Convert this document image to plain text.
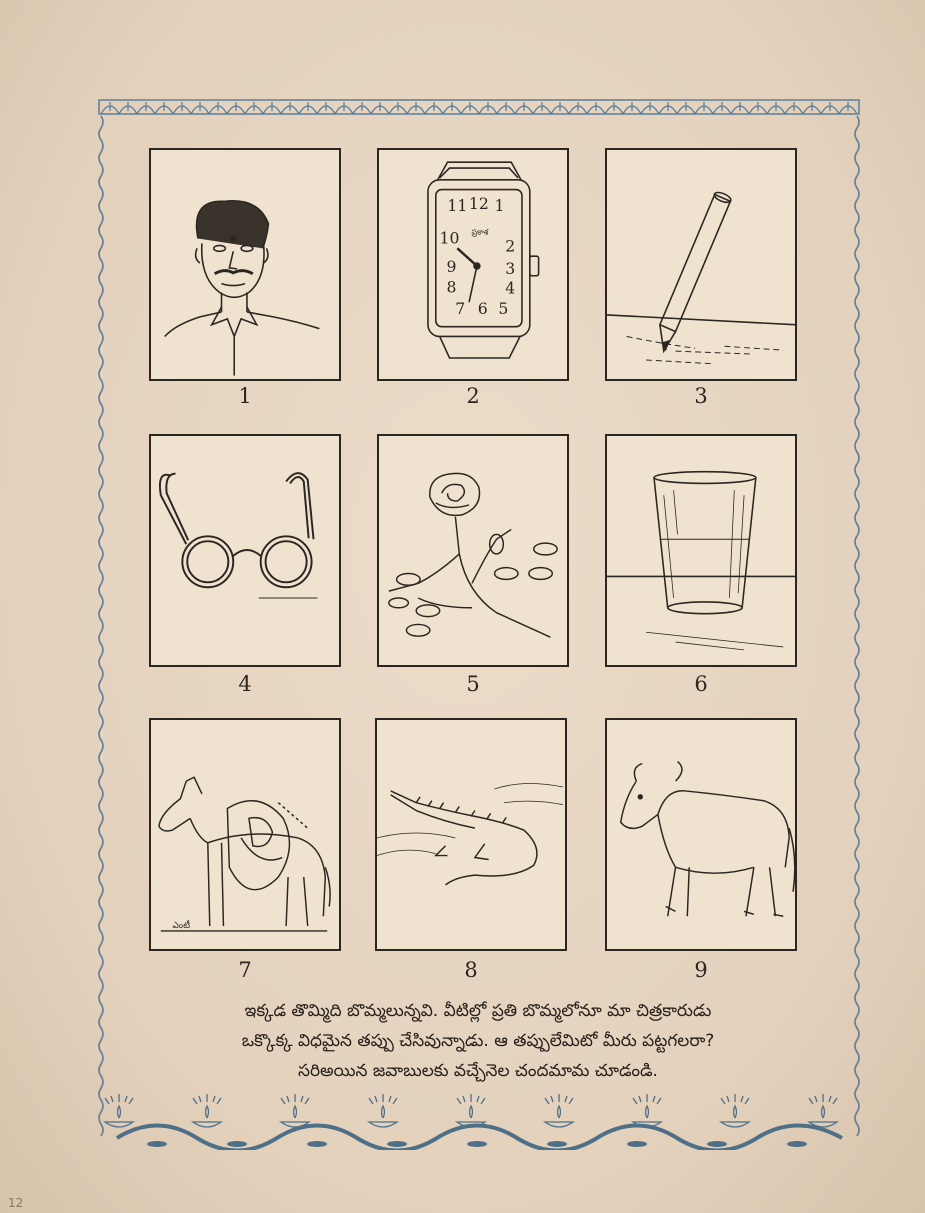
1
11 12 1
10	2
9	3
8	4
7 6 5
ప్రకాశ
2	3
4	5	6
ఎంటీ
7	8	9
ఇక్కడ తొమ్మిది బొమ్మలున్నవి. వీటిల్లో ప్రతి బొమ్మలోనూ మా చిత్రకారుడు
ఒక్కొక్క విధమైన తప్పు చేసివున్నాడు. ఆ తప్పులేమిటో మీరు పట్టగలరా?
సరిఅయిన జవాబులకు వచ్చేనెల చందమామ చూడండి.
12
